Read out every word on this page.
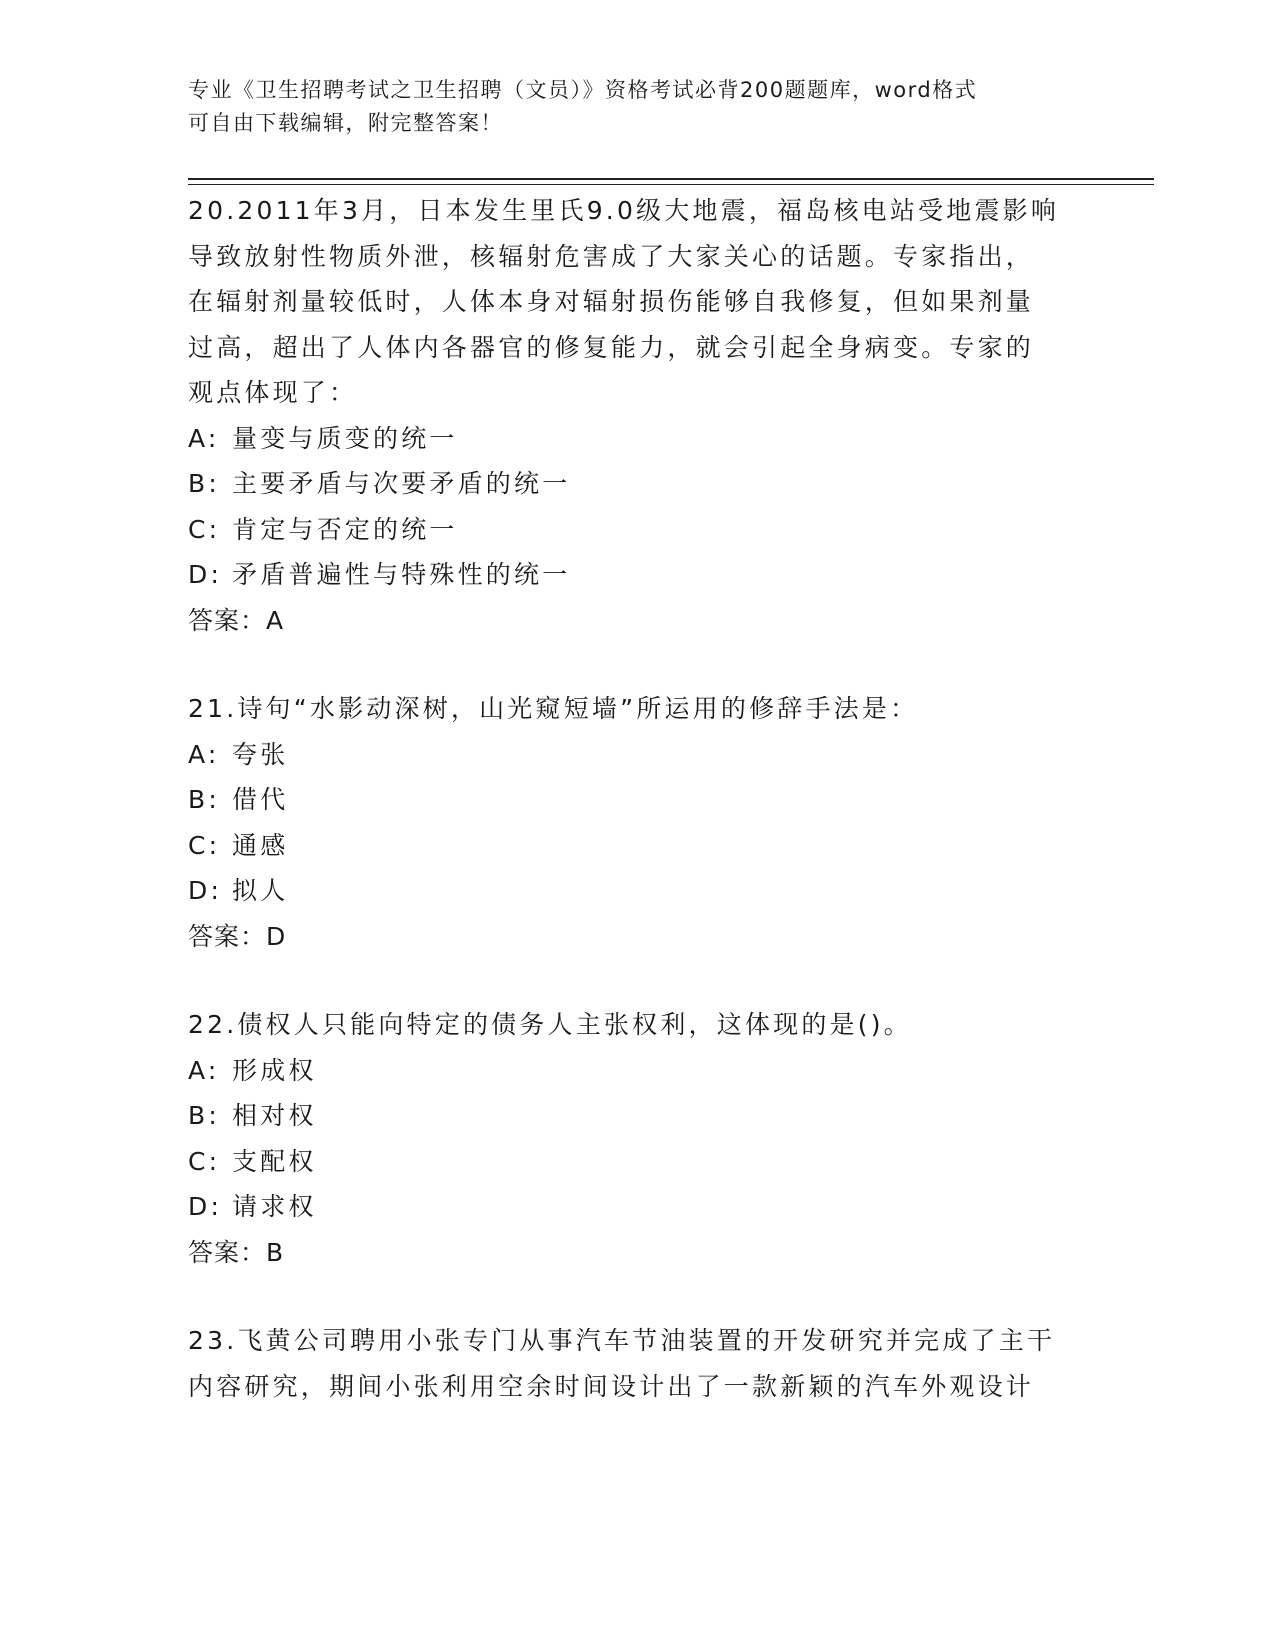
专业《卫生招聘考试之卫生招聘（文员）》资格考试必背200题题库，word格式
可自由下载编辑，附完整答案！
20.2011年3月，日本发生里氏9.0级大地震，福岛核电站受地震影响
导致放射性物质外泄，核辐射危害成了大家关心的话题。专家指出，
在辐射剂量较低时，人体本身对辐射损伤能够自我修复，但如果剂量
过高，超出了人体内各器官的修复能力，就会引起全身病变。专家的
观点体现了：
A: 量变与质变的统一
B: 主要矛盾与次要矛盾的统一
C: 肯定与否定的统一
D: 矛盾普遍性与特殊性的统一
答案：A
21.诗句“水影动深树，山光窥短墙”所运用的修辞手法是：
A: 夸张
B: 借代
C: 通感
D: 拟人
答案：D
22.债权人只能向特定的债务人主张权利，这体现的是()。
A: 形成权
B: 相对权
C: 支配权
D: 请求权
答案：B
23.飞黄公司聘用小张专门从事汽车节油装置的开发研究并完成了主干
内容研究，期间小张利用空余时间设计出了一款新颖的汽车外观设计
